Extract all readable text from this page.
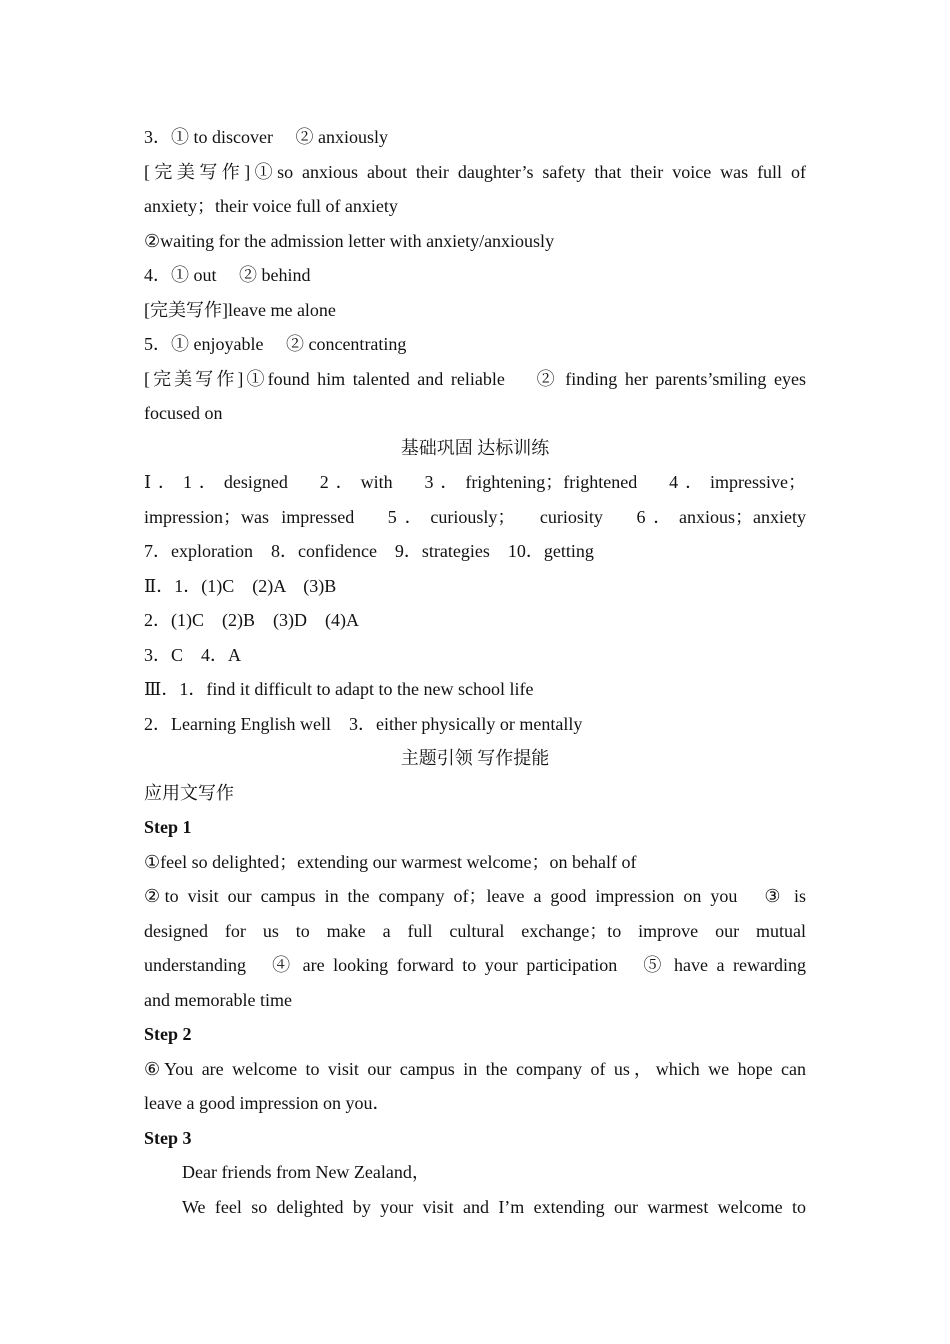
3．① to discover　 ② anxiously
[完美写作]①so anxious about their daughter’s safety that their voice was full of
anxiety；their voice full of anxiety
②waiting for the admission letter with anxiety/anxiously
4．① out　 ② behind
[完美写作]leave me alone
5．① enjoyable　 ② concentrating
[完美写作]①found him talented and reliable　 ② finding her parents’smiling eyes
focused on
基础巩固 达标训练
Ⅰ．1．designed　2．with　3．frightening；frightened　4．impressive；
impression；was impressed　5．curiously；　curiosity　6．anxious；anxiety
7．exploration　8．confidence　9．strategies　10．getting
Ⅱ．1．(1)C　(2)A　(3)B
2．(1)C　(2)B　(3)D　(4)A
3．C　4．A
Ⅲ．1．find it difficult to adapt to the new school life
2．Learning English well　3．either physically or mentally
主题引领 写作提能
应用文写作
Step 1
①feel so delighted；extending our warmest welcome；on behalf of
②to visit our campus in the company of；leave a good impression on you　③ is
designed for us to make a full cultural exchange；to improve our mutual
understanding　④ are looking forward to your participation　⑤ have a rewarding
and memorable time
Step 2
⑥You are welcome to visit our campus in the company of us，which we hope can
leave a good impression on you．
Step 3
Dear friends from New Zealand，
We feel so delighted by your visit and I’m extending our warmest welcome to
